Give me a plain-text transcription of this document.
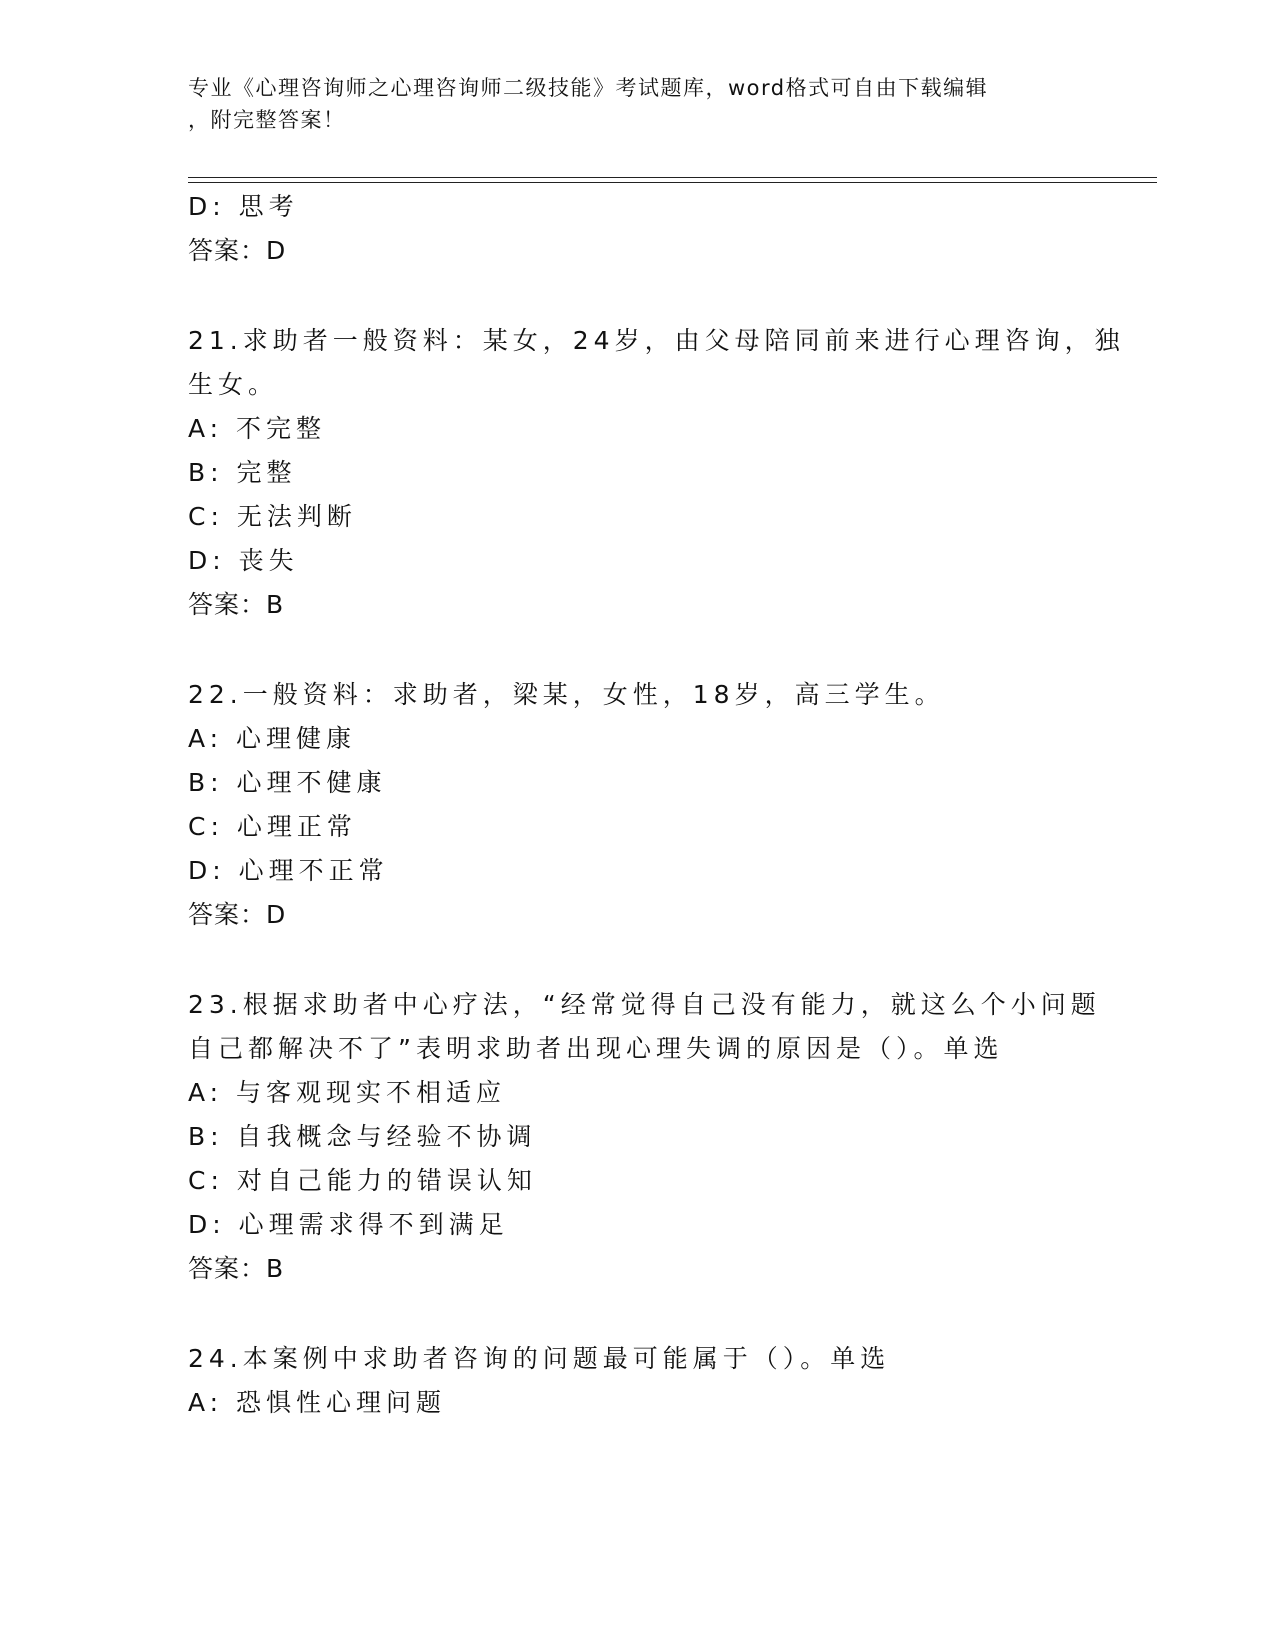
专业《心理咨询师之心理咨询师二级技能》考试题库，word格式可自由下载编辑
，附完整答案！
D: 思考
答案：D
21.求助者一般资料：某女，24岁，由父母陪同前来进行心理咨询，独
生女。
A: 不完整
B: 完整
C: 无法判断
D: 丧失
答案：B
22.一般资料：求助者，梁某，女性，18岁，高三学生。
A: 心理健康
B: 心理不健康
C: 心理正常
D: 心理不正常
答案：D
23.根据求助者中心疗法，“经常觉得自己没有能力，就这么个小问题
自己都解决不了”表明求助者出现心理失调的原因是（）。单选
A: 与客观现实不相适应
B: 自我概念与经验不协调
C: 对自己能力的错误认知
D: 心理需求得不到满足
答案：B
24.本案例中求助者咨询的问题最可能属于（）。单选
A: 恐惧性心理问题
